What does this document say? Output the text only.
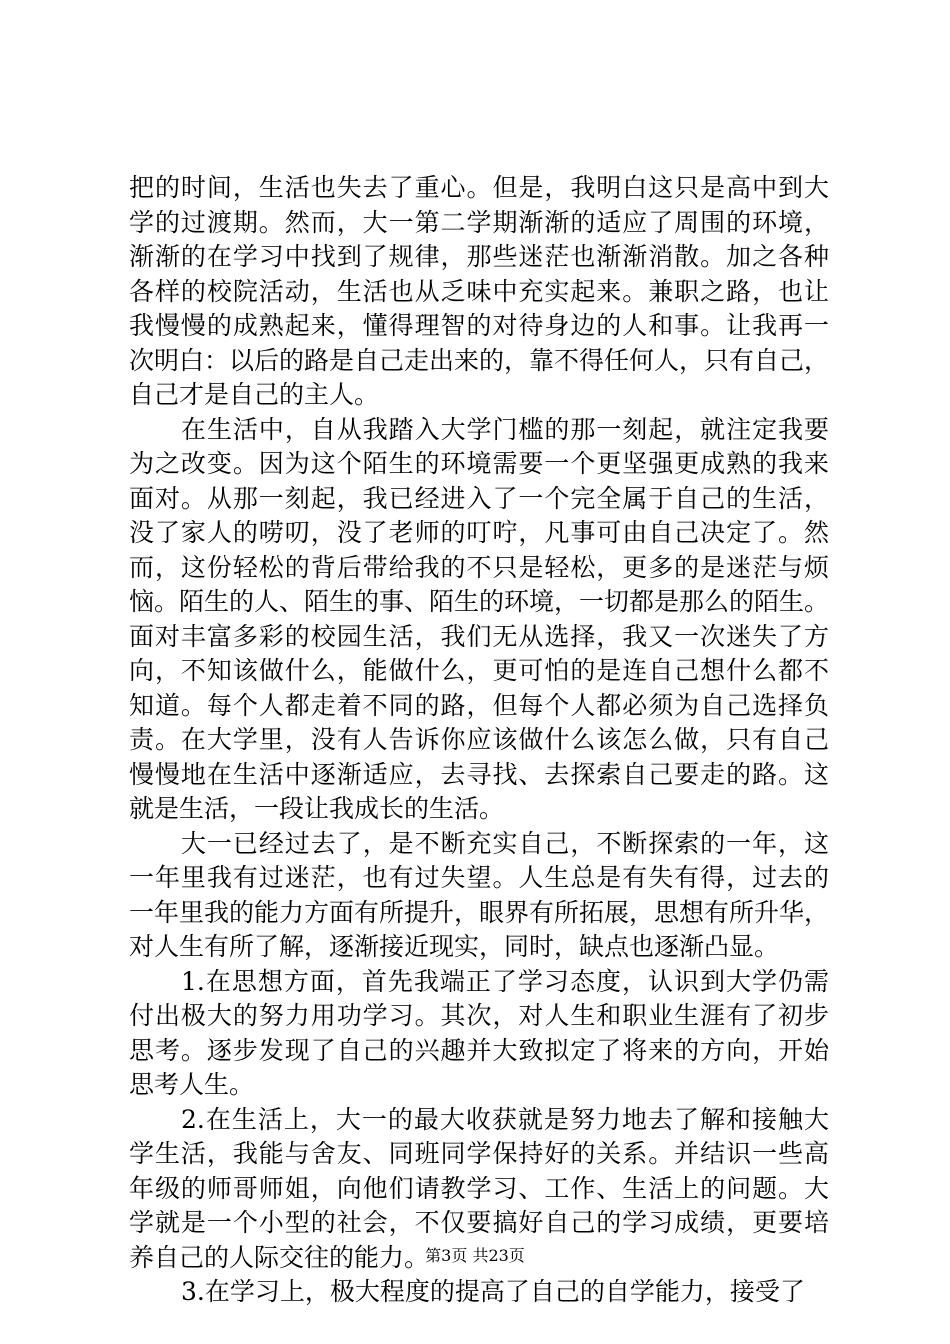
把的时间，生活也失去了重心。但是，我明白这只是高中到大
学的过渡期。然而，大一第二学期渐渐的适应了周围的环境，
渐渐的在学习中找到了规律，那些迷茫也渐渐消散。加之各种
各样的校院活动，生活也从乏味中充实起来。兼职之路，也让
我慢慢的成熟起来，懂得理智的对待身边的人和事。让我再一
次明白：以后的路是自己走出来的，靠不得任何人，只有自己，
自己才是自己的主人。
在生活中，自从我踏入大学门槛的那一刻起，就注定我要
为之改变。因为这个陌生的环境需要一个更坚强更成熟的我来
面对。从那一刻起，我已经进入了一个完全属于自己的生活，
没了家人的唠叨，没了老师的叮咛，凡事可由自己决定了。然
而，这份轻松的背后带给我的不只是轻松，更多的是迷茫与烦
恼。陌生的人、陌生的事、陌生的环境，一切都是那么的陌生。
面对丰富多彩的校园生活，我们无从选择，我又一次迷失了方
向，不知该做什么，能做什么，更可怕的是连自己想什么都不
知道。每个人都走着不同的路，但每个人都必须为自己选择负
责。在大学里，没有人告诉你应该做什么该怎么做，只有自己
慢慢地在生活中逐渐适应，去寻找、去探索自己要走的路。这
就是生活，一段让我成长的生活。
大一已经过去了，是不断充实自己，不断探索的一年，这
一年里我有过迷茫，也有过失望。人生总是有失有得，过去的
一年里我的能力方面有所提升，眼界有所拓展，思想有所升华，
对人生有所了解，逐渐接近现实，同时，缺点也逐渐凸显。
1.在思想方面，首先我端正了学习态度，认识到大学仍需
付出极大的努力用功学习。其次，对人生和职业生涯有了初步
思考。逐步发现了自己的兴趣并大致拟定了将来的方向，开始
思考人生。
2.在生活上，大一的最大收获就是努力地去了解和接触大
学生活，我能与舍友、同班同学保持好的关系。并结识一些高
年级的师哥师姐，向他们请教学习、工作、生活上的问题。大
学就是一个小型的社会，不仅要搞好自己的学习成绩，更要培
养自己的人际交往的能力。
3.在学习上，极大程度的提高了自己的自学能力，接受了
第3页 共23页
